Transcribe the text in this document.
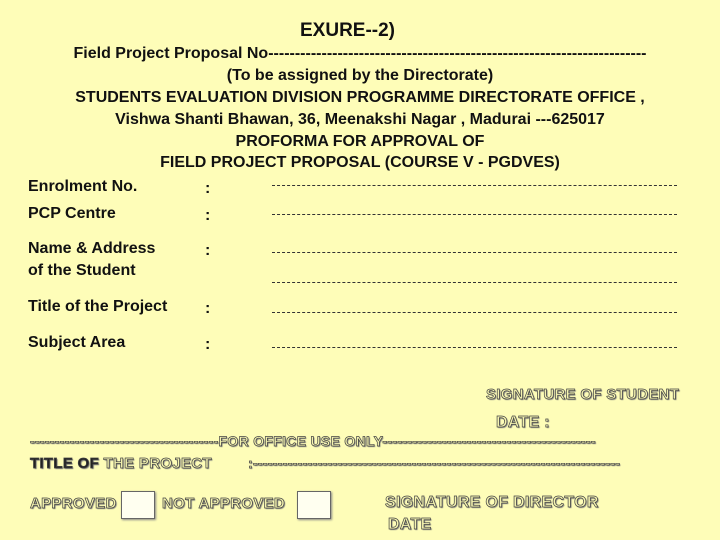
EXURE--2)
Field Project Proposal No-----------------------------------------------------------------------
(To be assigned by the Directorate)
STUDENTS EVALUATION DIVISION PROGRAMME DIRECTORATE OFFICE ,
Vishwa Shanti Bhawan, 36, Meenakshi Nagar , Madurai ---625017
PROFORMA FOR APPROVAL OF
FIELD PROJECT PROPOSAL (COURSE V - PGDVES)
Enrolment No.	:
PCP Centre	:
Name & Address
of the Student
:
Title of the Project :
Subject Area	:
SIGNATURE OF STUDENT
DATE :
--------------------------------------FOR OFFICE USE ONLY-------------------------------------------
TITLE OF THE PROJECT	:--------------------------------------------------------------------------
APPROVED	NOT APPROVED	SIGNATURE OF DIRECTOR
DATE
